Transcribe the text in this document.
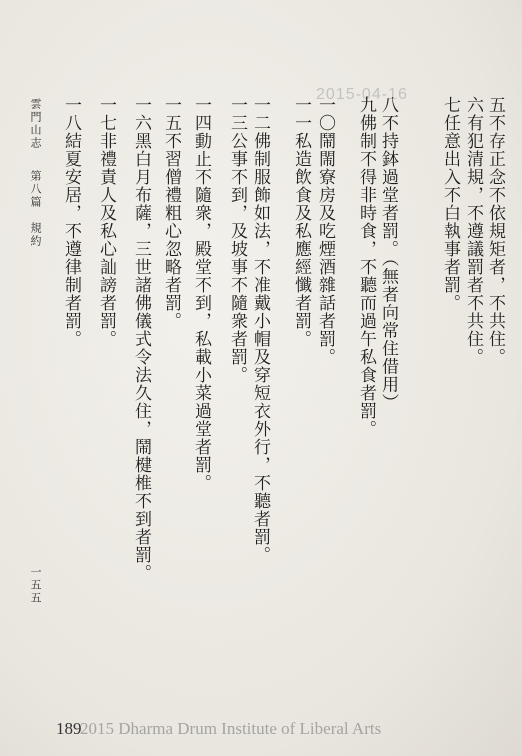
2015-04-16
五不存正念不依規矩者，不共住。
六有犯清規，不遵議罰者不共住。
七任意出入不白執事者罰。
八不持鉢過堂者罰。（無者向常住借用）
九佛制不得非時食，不聽而過午私食者罰。
一〇鬧閙寮房及吃煙酒雜話者罰。
一一私造飲食及私應經懺者罰。
一二佛制服飾如法，不准戴小帽及穿短衣外行，不聽者罰。
一三公事不到，及坡事不隨衆者罰。
一四動止不隨衆，殿堂不到，私載小菜過堂者罰。
一五不習僧禮粗心忽略者罰。
一六黑白月布薩，三世諸佛儀式令法久住，鬧楗椎不到者罰。
一七非禮責人及私心訕謗者罰。
一八結夏安居，不遵律制者罰。
雲門山志
第八篇　規約
一五五
189
2015 Dharma Drum Institute of Liberal Arts
